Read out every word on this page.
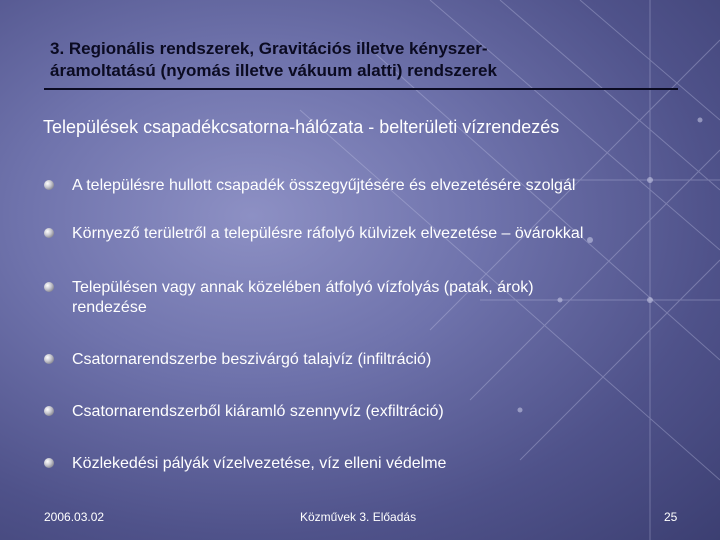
3. Regionális rendszerek, Gravitációs illetve kényszer-
áramoltatású (nyomás illetve vákuum alatti) rendszerek
Települések csapadékcsatorna-hálózata - belterületi vízrendezés
A településre hullott csapadék összegyűjtésére és elvezetésére szolgál
Környező területről a településre ráfolyó külvizek elvezetése – övárokkal
Településen vagy annak közelében átfolyó vízfolyás (patak, árok) rendezése
Csatornarendszerbe beszivárgó talajvíz (infiltráció)
Csatornarendszerből kiáramló szennyvíz (exfiltráció)
Közlekedési pályák vízelvezetése, víz elleni védelme
2006.03.02	Közművek 3. Előadás	25
